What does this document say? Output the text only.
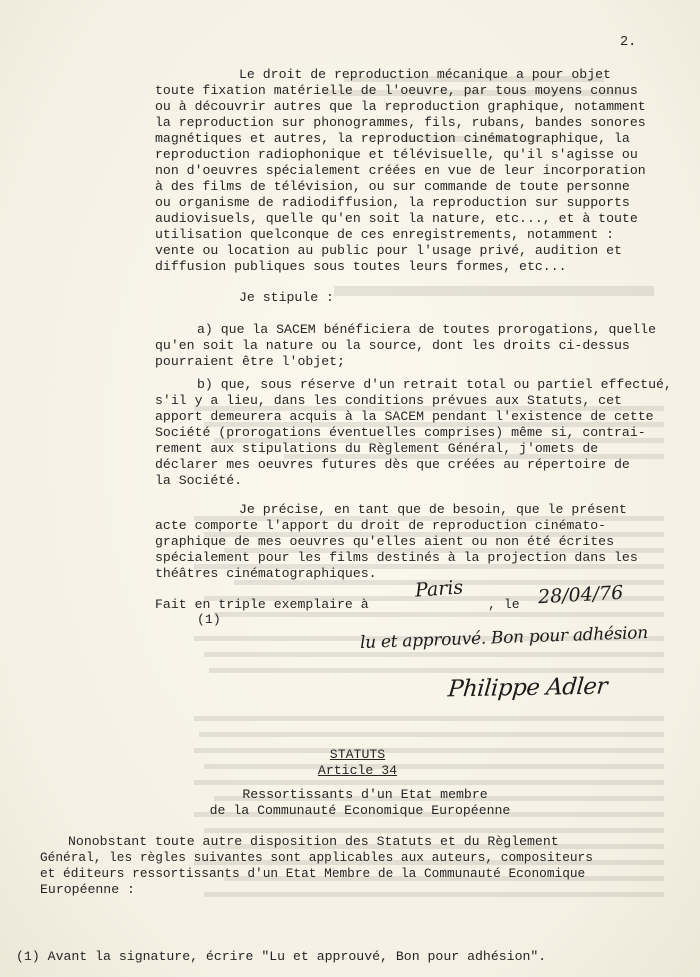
2.
Le droit de reproduction mécanique a pour objet
toute fixation matérielle de l'oeuvre, par tous moyens connus
ou à découvrir autres que la reproduction graphique, notamment
la reproduction sur phonogrammes, fils, rubans, bandes sonores
magnétiques et autres, la reproduction cinématographique, la
reproduction radiophonique et télévisuelle, qu'il s'agisse ou
non d'oeuvres spécialement créées en vue de leur incorporation
à des films de télévision, ou sur commande de toute personne
ou organisme de radiodiffusion, la reproduction sur supports
audiovisuels, quelle qu'en soit la nature, etc..., et à toute
utilisation quelconque de ces enregistrements, notamment :
vente ou location au public pour l'usage privé, audition et
diffusion publiques sous toutes leurs formes, etc...
Je stipule :
a) que la SACEM bénéficiera de toutes prorogations, quelle
qu'en soit la nature ou la source, dont les droits ci-dessus
pourraient être l'objet;
b) que, sous réserve d'un retrait total ou partiel effectué,
s'il y a lieu, dans les conditions prévues aux Statuts, cet
apport demeurera acquis à la SACEM pendant l'existence de cette
Société (prorogations éventuelles comprises) même si, contrai-
rement aux stipulations du Règlement Général, j'omets de
déclarer mes oeuvres futures dès que créées au répertoire de
la Société.
Je précise, en tant que de besoin, que le présent
acte comporte l'apport du droit de reproduction cinémato-
graphique de mes oeuvres qu'elles aient ou non été écrites
spécialement pour les films destinés à la projection dans les
théâtres cinématographiques.
Fait en triple exemplaire à	, le
(1)
Paris	28/04/76
lu et approuvé. Bon pour adhésion
Philippe Adler
STATUTS
Article 34
Ressortissants d'un Etat membre
de la Communauté Economique Européenne
Nonobstant toute autre disposition des Statuts et du Règlement
Général, les règles suivantes sont applicables aux auteurs, compositeurs
et éditeurs ressortissants d'un Etat Membre de la Communauté Economique
Européenne :
(1) Avant la signature, écrire "Lu et approuvé, Bon pour adhésion".
